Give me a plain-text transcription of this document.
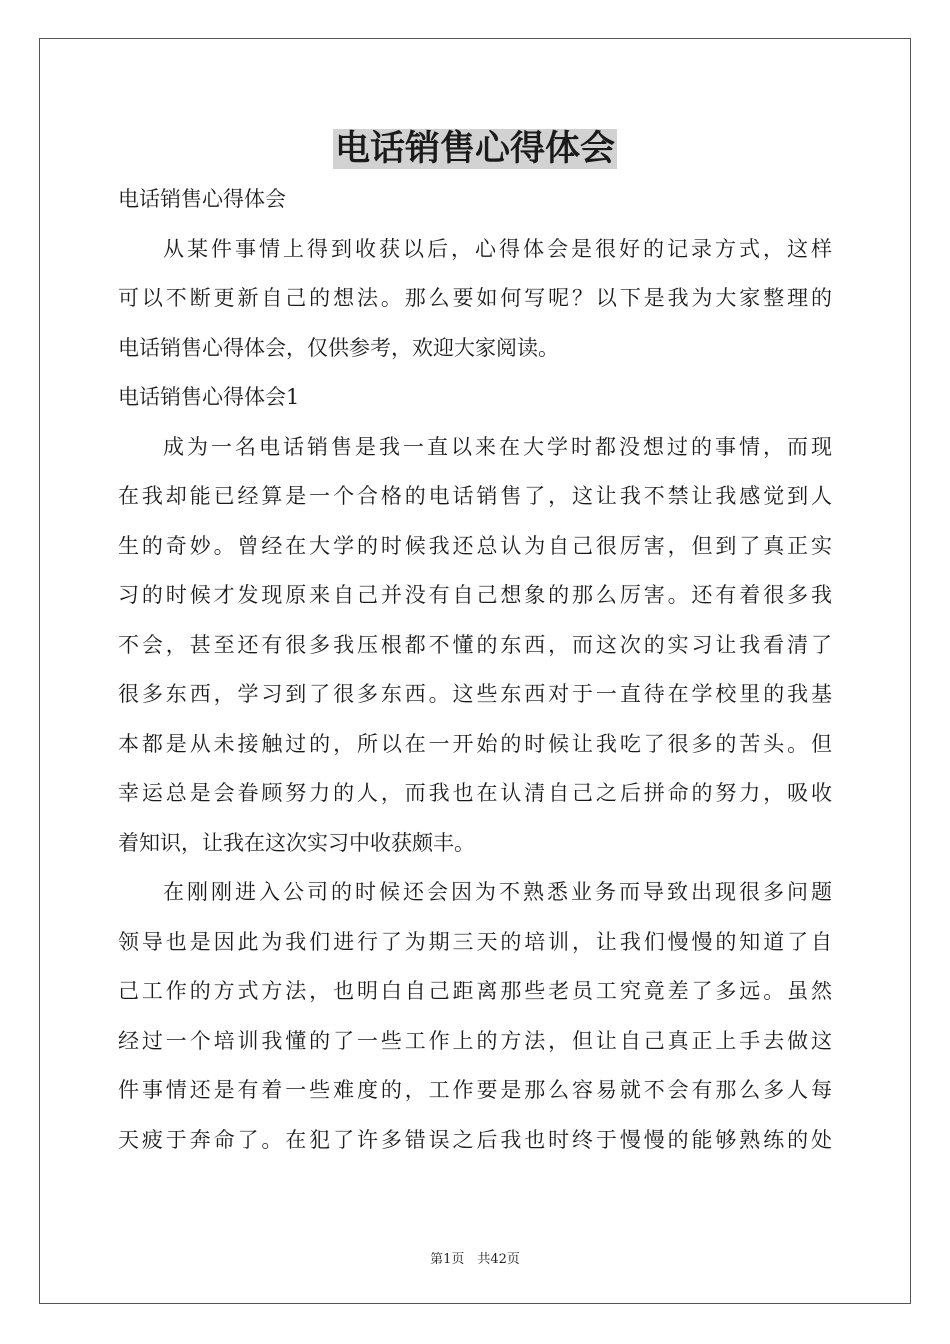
电话销售心得体会
电话销售心得体会
从某件事情上得到收获以后，心得体会是很好的记录方式，这样
可以不断更新自己的想法。那么要如何写呢？以下是我为大家整理的
电话销售心得体会，仅供参考，欢迎大家阅读。
电话销售心得体会1
成为一名电话销售是我一直以来在大学时都没想过的事情，而现
在我却能已经算是一个合格的电话销售了，这让我不禁让我感觉到人
生的奇妙。曾经在大学的时候我还总认为自己很厉害，但到了真正实
习的时候才发现原来自己并没有自己想象的那么厉害。还有着很多我
不会，甚至还有很多我压根都不懂的东西，而这次的实习让我看清了
很多东西，学习到了很多东西。这些东西对于一直待在学校里的我基
本都是从未接触过的，所以在一开始的时候让我吃了很多的苦头。但
幸运总是会眷顾努力的人，而我也在认清自己之后拼命的努力，吸收
着知识，让我在这次实习中收获颇丰。
在刚刚进入公司的时候还会因为不熟悉业务而导致出现很多问题
领导也是因此为我们进行了为期三天的培训，让我们慢慢的知道了自
己工作的方式方法，也明白自己距离那些老员工究竟差了多远。虽然
经过一个培训我懂的了一些工作上的方法，但让自己真正上手去做这
件事情还是有着一些难度的，工作要是那么容易就不会有那么多人每
天疲于奔命了。在犯了许多错误之后我也时终于慢慢的能够熟练的处
第1页　共42页
